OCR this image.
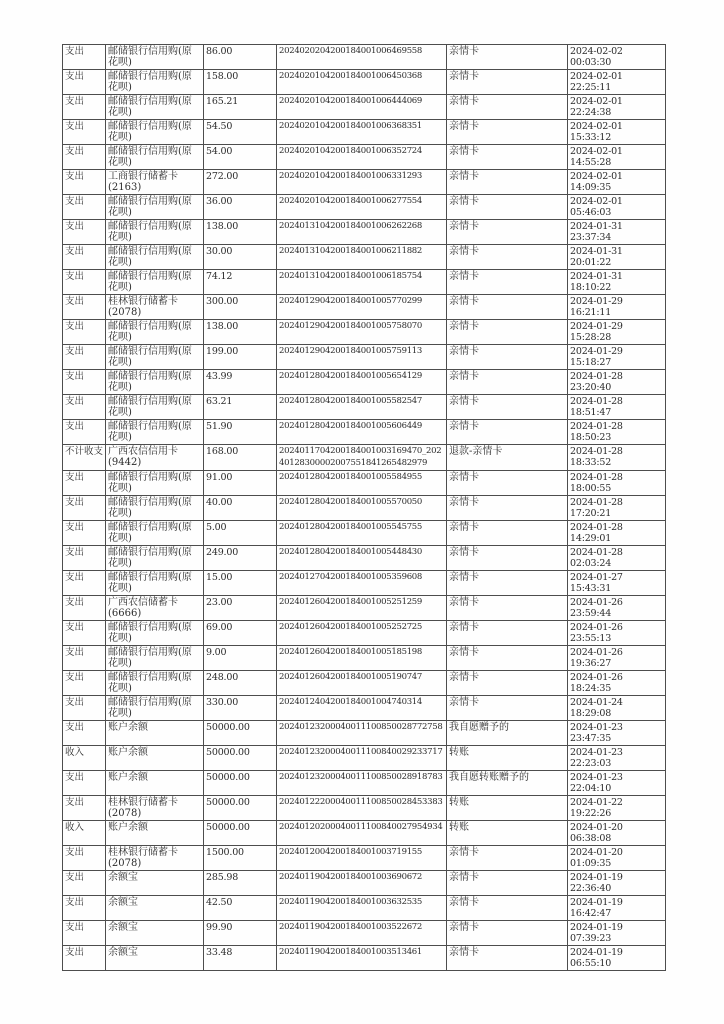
支出	邮储银行信用购(原花呗)	86.00	2024020204200184001006469558	亲情卡	2024-02-02 00:03:30
支出	邮储银行信用购(原花呗)	158.00	2024020104200184001006450368	亲情卡	2024-02-01 22:25:11
支出	邮储银行信用购(原花呗)	165.21	2024020104200184001006444069	亲情卡	2024-02-01 22:24:38
支出	邮储银行信用购(原花呗)	54.50	2024020104200184001006368351	亲情卡	2024-02-01 15:33:12
支出	邮储银行信用购(原花呗)	54.00	2024020104200184001006352724	亲情卡	2024-02-01 14:55:28
支出	工商银行储蓄卡(2163)	272.00	2024020104200184001006331293	亲情卡	2024-02-01 14:09:35
支出	邮储银行信用购(原花呗)	36.00	2024020104200184001006277554	亲情卡	2024-02-01 05:46:03
支出	邮储银行信用购(原花呗)	138.00	2024013104200184001006262268	亲情卡	2024-01-31 23:37:34
支出	邮储银行信用购(原花呗)	30.00	2024013104200184001006211882	亲情卡	2024-01-31 20:01:22
支出	邮储银行信用购(原花呗)	74.12	2024013104200184001006185754	亲情卡	2024-01-31 18:10:22
支出	桂林银行储蓄卡(2078)	300.00	2024012904200184001005770299	亲情卡	2024-01-29 16:21:11
支出	邮储银行信用购(原花呗)	138.00	2024012904200184001005758070	亲情卡	2024-01-29 15:28:28
支出	邮储银行信用购(原花呗)	199.00	2024012904200184001005759113	亲情卡	2024-01-29 15:18:27
支出	邮储银行信用购(原花呗)	43.99	2024012804200184001005654129	亲情卡	2024-01-28 23:20:40
支出	邮储银行信用购(原花呗)	63.21	2024012804200184001005582547	亲情卡	2024-01-28 18:51:47
支出	邮储银行信用购(原花呗)	51.90	2024012804200184001005606449	亲情卡	2024-01-28 18:50:23
不计收支	广西农信信用卡(9442)	168.00	2024011704200184001003169470_20240128300002007551841265482979	退款-亲情卡	2024-01-28 18:33:52
支出	邮储银行信用购(原花呗)	91.00	2024012804200184001005584955	亲情卡	2024-01-28 18:00:55
支出	邮储银行信用购(原花呗)	40.00	2024012804200184001005570050	亲情卡	2024-01-28 17:20:21
支出	邮储银行信用购(原花呗)	5.00	2024012804200184001005545755	亲情卡	2024-01-28 14:29:01
支出	邮储银行信用购(原花呗)	249.00	2024012804200184001005448430	亲情卡	2024-01-28 02:03:24
支出	邮储银行信用购(原花呗)	15.00	2024012704200184001005359608	亲情卡	2024-01-27 15:43:31
支出	广西农信储蓄卡(6666)	23.00	2024012604200184001005251259	亲情卡	2024-01-26 23:59:44
支出	邮储银行信用购(原花呗)	69.00	2024012604200184001005252725	亲情卡	2024-01-26 23:55:13
支出	邮储银行信用购(原花呗)	9.00	2024012604200184001005185198	亲情卡	2024-01-26 19:36:27
支出	邮储银行信用购(原花呗)	248.00	2024012604200184001005190747	亲情卡	2024-01-26 18:24:35
支出	邮储银行信用购(原花呗)	330.00	2024012404200184001004740314	亲情卡	2024-01-24 18:29:08
支出	账户余额	50000.00	20240123200040011100850028772758	我自愿赠予的	2024-01-23 23:47:35
收入	账户余额	50000.00	20240123200040011100840029233717	转账	2024-01-23 22:23:03
支出	账户余额	50000.00	20240123200040011100850028918783	我自愿转账赠予的	2024-01-23 22:04:10
支出	桂林银行储蓄卡(2078)	50000.00	20240122200040011100850028453383	转账	2024-01-22 19:22:26
收入	账户余额	50000.00	20240120200040011100840027954934	转账	2024-01-20 06:38:08
支出	桂林银行储蓄卡(2078)	1500.00	2024012004200184001003719155	亲情卡	2024-01-20 01:09:35
支出	余额宝	285.98	2024011904200184001003690672	亲情卡	2024-01-19 22:36:40
支出	余额宝	42.50	2024011904200184001003632535	亲情卡	2024-01-19 16:42:47
支出	余额宝	99.90	2024011904200184001003522672	亲情卡	2024-01-19 07:39:23
支出	余额宝	33.48	2024011904200184001003513461	亲情卡	2024-01-19 06:55:10
